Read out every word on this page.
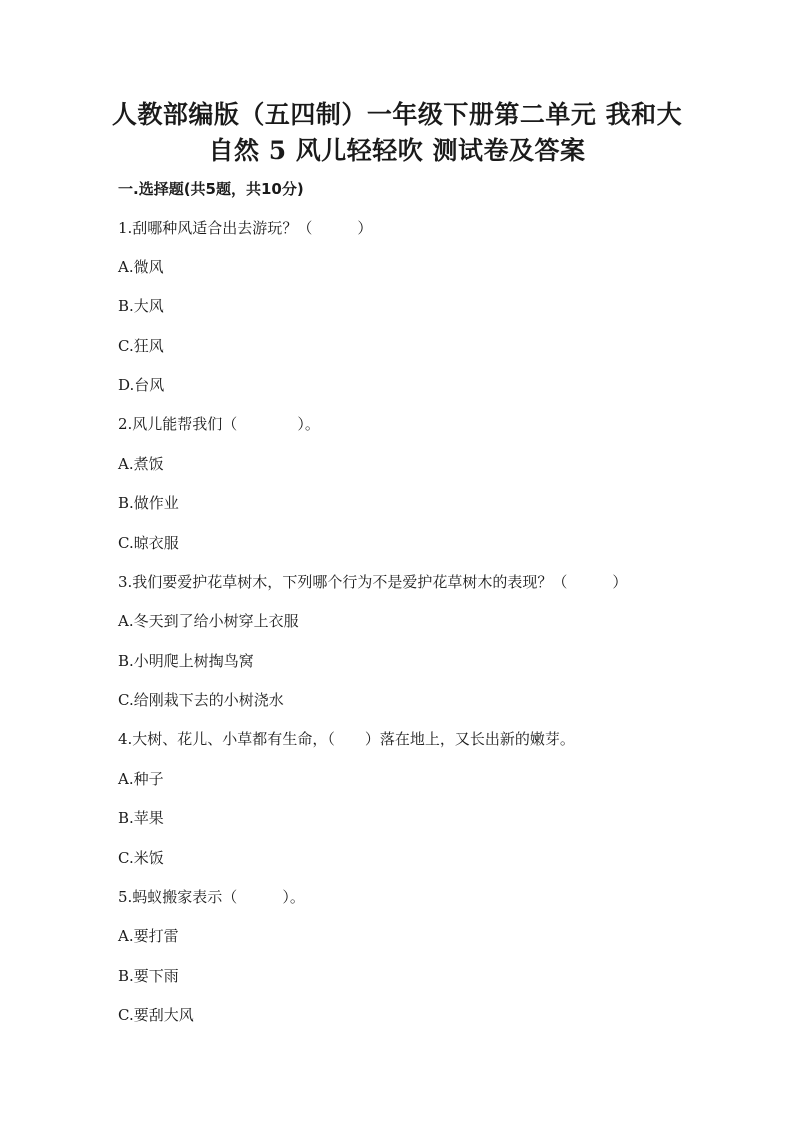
人教部编版（五四制）一年级下册第二单元 我和大
自然 5 风儿轻轻吹 测试卷及答案
一.选择题(共5题，共10分)
1.刮哪种风适合出去游玩？（　　　）
A.微风
B.大风
C.狂风
D.台风
2.风儿能帮我们（　　　　）。
A.煮饭
B.做作业
C.晾衣服
3.我们要爱护花草树木，下列哪个行为不是爱护花草树木的表现？（　　　）
A.冬天到了给小树穿上衣服
B.小明爬上树掏鸟窝
C.给刚栽下去的小树浇水
4.大树、花儿、小草都有生命，（　　）落在地上，又长出新的嫩芽。
A.种子
B.苹果
C.米饭
5.蚂蚁搬家表示（　　　）。
A.要打雷
B.要下雨
C.要刮大风
